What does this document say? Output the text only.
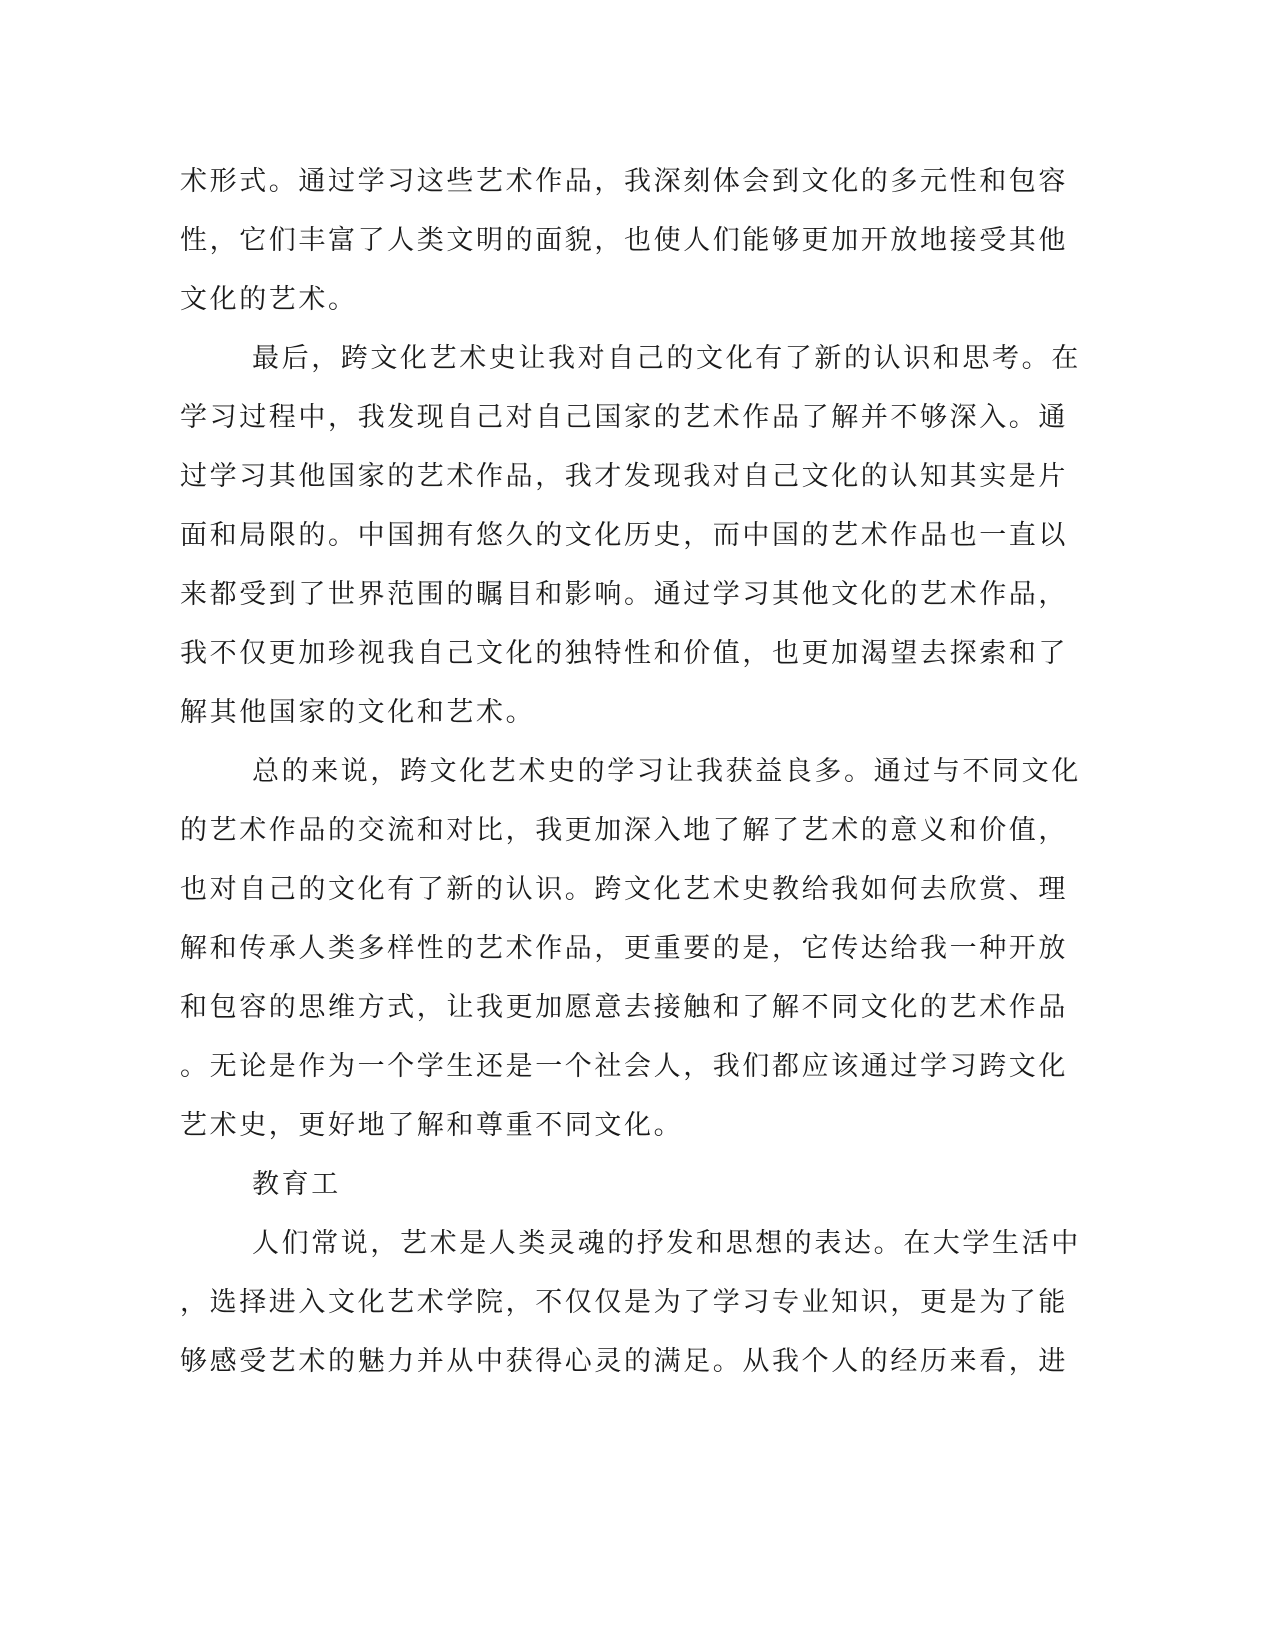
术形式。通过学习这些艺术作品，我深刻体会到文化的多元性和包容
性，它们丰富了人类文明的面貌，也使人们能够更加开放地接受其他
文化的艺术。
最后，跨文化艺术史让我对自己的文化有了新的认识和思考。在
学习过程中，我发现自己对自己国家的艺术作品了解并不够深入。通
过学习其他国家的艺术作品，我才发现我对自己文化的认知其实是片
面和局限的。中国拥有悠久的文化历史，而中国的艺术作品也一直以
来都受到了世界范围的瞩目和影响。通过学习其他文化的艺术作品，
我不仅更加珍视我自己文化的独特性和价值，也更加渴望去探索和了
解其他国家的文化和艺术。
总的来说，跨文化艺术史的学习让我获益良多。通过与不同文化
的艺术作品的交流和对比，我更加深入地了解了艺术的意义和价值，
也对自己的文化有了新的认识。跨文化艺术史教给我如何去欣赏、理
解和传承人类多样性的艺术作品，更重要的是，它传达给我一种开放
和包容的思维方式，让我更加愿意去接触和了解不同文化的艺术作品
。无论是作为一个学生还是一个社会人，我们都应该通过学习跨文化
艺术史，更好地了解和尊重不同文化。
教育工
人们常说，艺术是人类灵魂的抒发和思想的表达。在大学生活中
，选择进入文化艺术学院，不仅仅是为了学习专业知识，更是为了能
够感受艺术的魅力并从中获得心灵的满足。从我个人的经历来看，进
